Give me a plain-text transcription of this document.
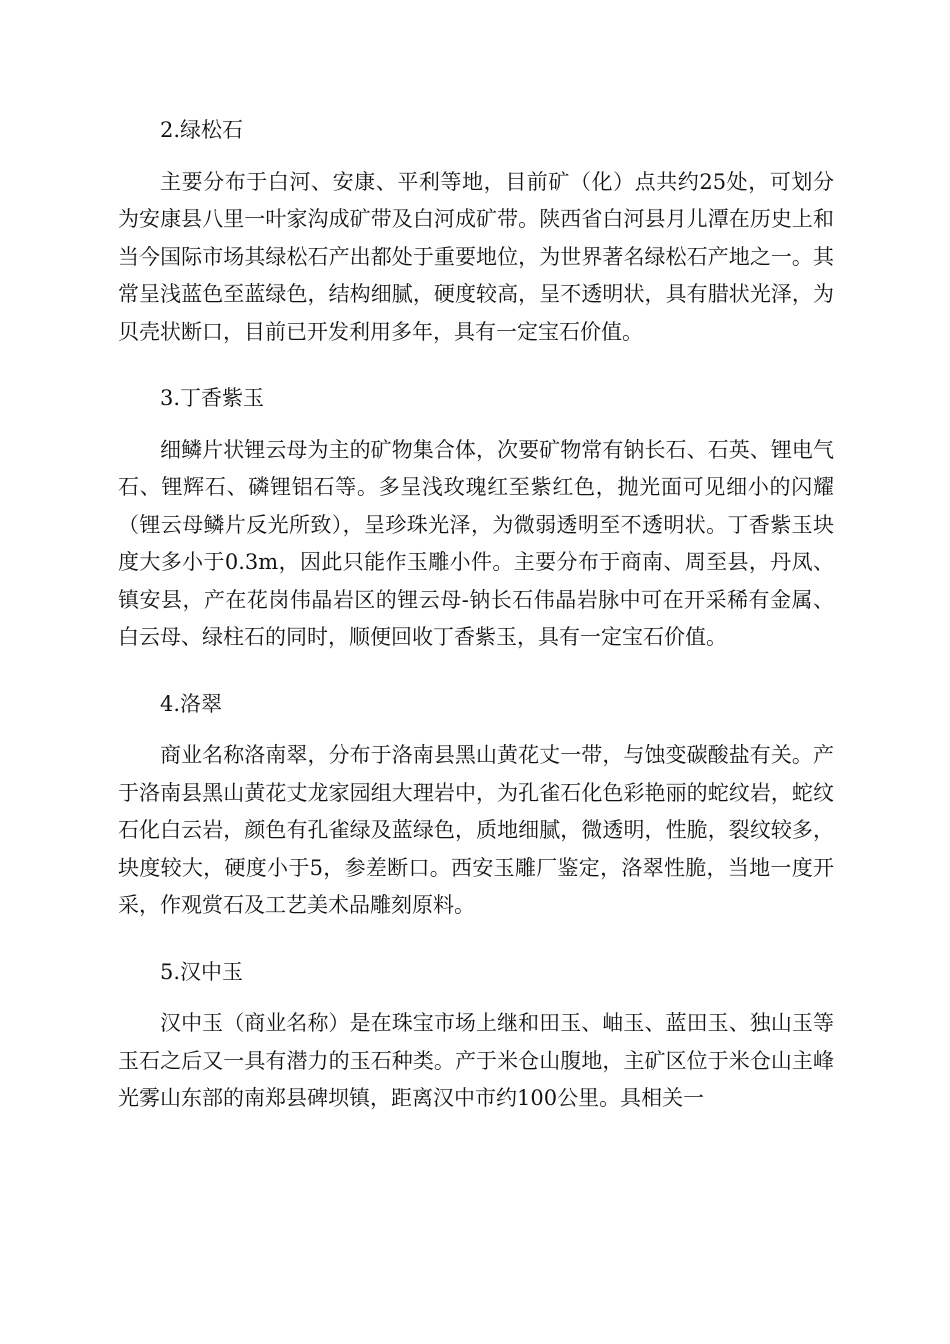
2.绿松石

主要分布于白河、安康、平利等地，目前矿（化）点共约25处，可划分为安康县八里一叶家沟成矿带及白河成矿带。陕西省白河县月儿潭在历史上和当今国际市场其绿松石产出都处于重要地位，为世界著名绿松石产地之一。其常呈浅蓝色至蓝绿色，结构细腻，硬度较高，呈不透明状，具有腊状光泽，为贝壳状断口，目前已开发利用多年，具有一定宝石价值。

3.丁香紫玉

细鳞片状锂云母为主的矿物集合体，次要矿物常有钠长石、石英、锂电气石、锂辉石、磷锂铝石等。多呈浅玫瑰红至紫红色，抛光面可见细小的闪耀（锂云母鳞片反光所致），呈珍珠光泽，为微弱透明至不透明状。丁香紫玉块度大多小于0.3m，因此只能作玉雕小件。主要分布于商南、周至县，丹凤、镇安县，产在花岗伟晶岩区的锂云母-钠长石伟晶岩脉中可在开采稀有金属、白云母、绿柱石的同时，顺便回收丁香紫玉，具有一定宝石价值。

4.洛翠

商业名称洛南翠，分布于洛南县黑山黄花丈一带，与蚀变碳酸盐有关。产于洛南县黑山黄花丈龙家园组大理岩中，为孔雀石化色彩艳丽的蛇纹岩，蛇纹石化白云岩，颜色有孔雀绿及蓝绿色，质地细腻，微透明，性脆，裂纹较多，块度较大，硬度小于5，参差断口。西安玉雕厂鉴定，洛翠性脆，当地一度开采，作观赏石及工艺美术品雕刻原料。

5.汉中玉

汉中玉（商业名称）是在珠宝市场上继和田玉、岫玉、蓝田玉、独山玉等玉石之后又一具有潜力的玉石种类。产于米仓山腹地，主矿区位于米仓山主峰光雾山东部的南郑县碑坝镇，距离汉中市约100公里。具相关一
